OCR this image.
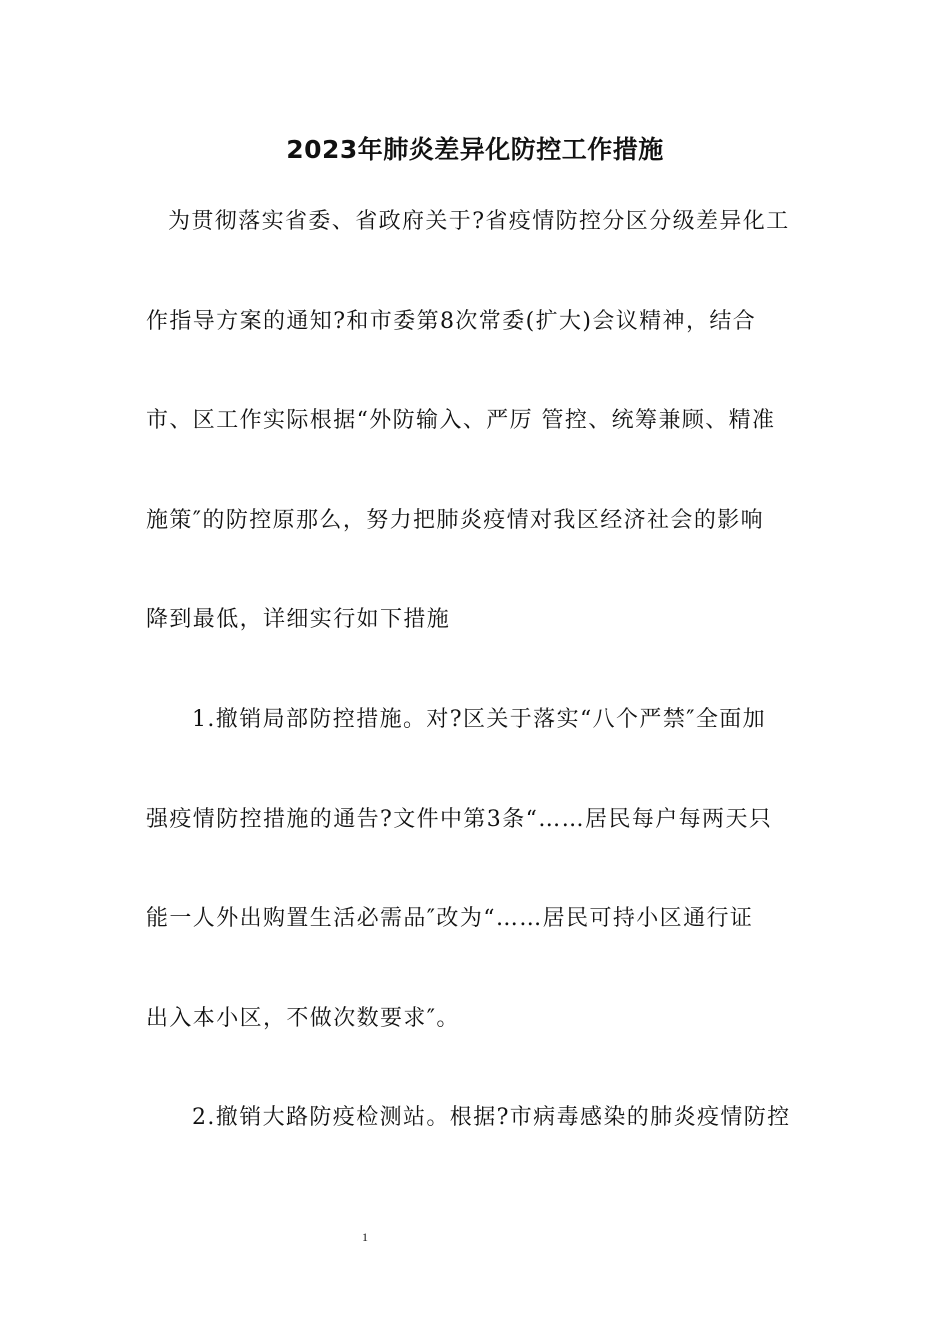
2023年肺炎差异化防控工作措施

为贯彻落实省委、省政府关于?省疫情防控分区分级差异化工

作指导方案的通知?和市委第8次常委(扩大)会议精神，结合

市、区工作实际根据“外防输入、严厉 管控、统筹兼顾、精准

施策″的防控原那么，努力把肺炎疫情对我区经济社会的影响

降到最低，详细实行如下措施

1.撤销局部防控措施。对?区关于落实“八个严禁″全面加

强疫情防控措施的通告?文件中第3条“……居民每户每两天只

能一人外出购置生活必需品″改为“……居民可持小区通行证

出入本小区，不做次数要求″。

2.撤销大路防疫检测站。根据?市病毒感染的肺炎疫情防控

1
